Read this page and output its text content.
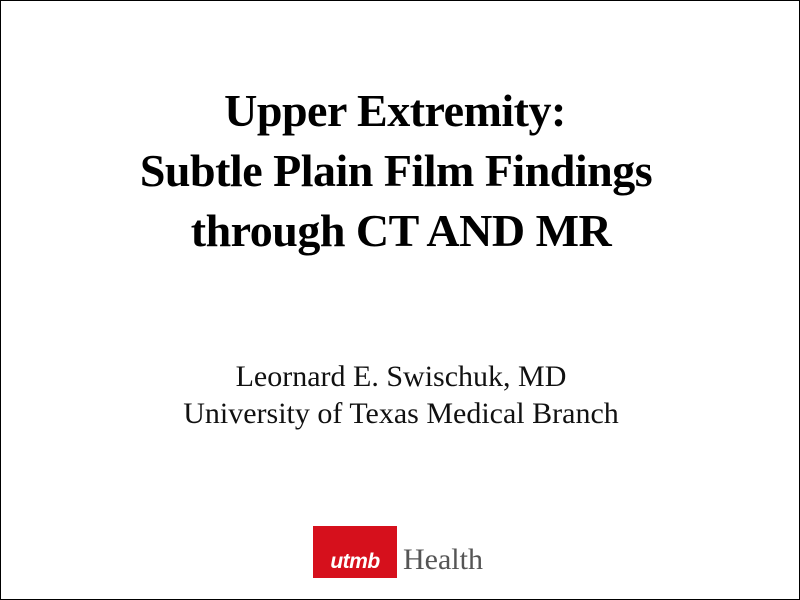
Upper Extremity:
Subtle Plain Film Findings
through CT AND MR
Leornard E. Swischuk, MD
University of Texas Medical Branch
utmb Health
